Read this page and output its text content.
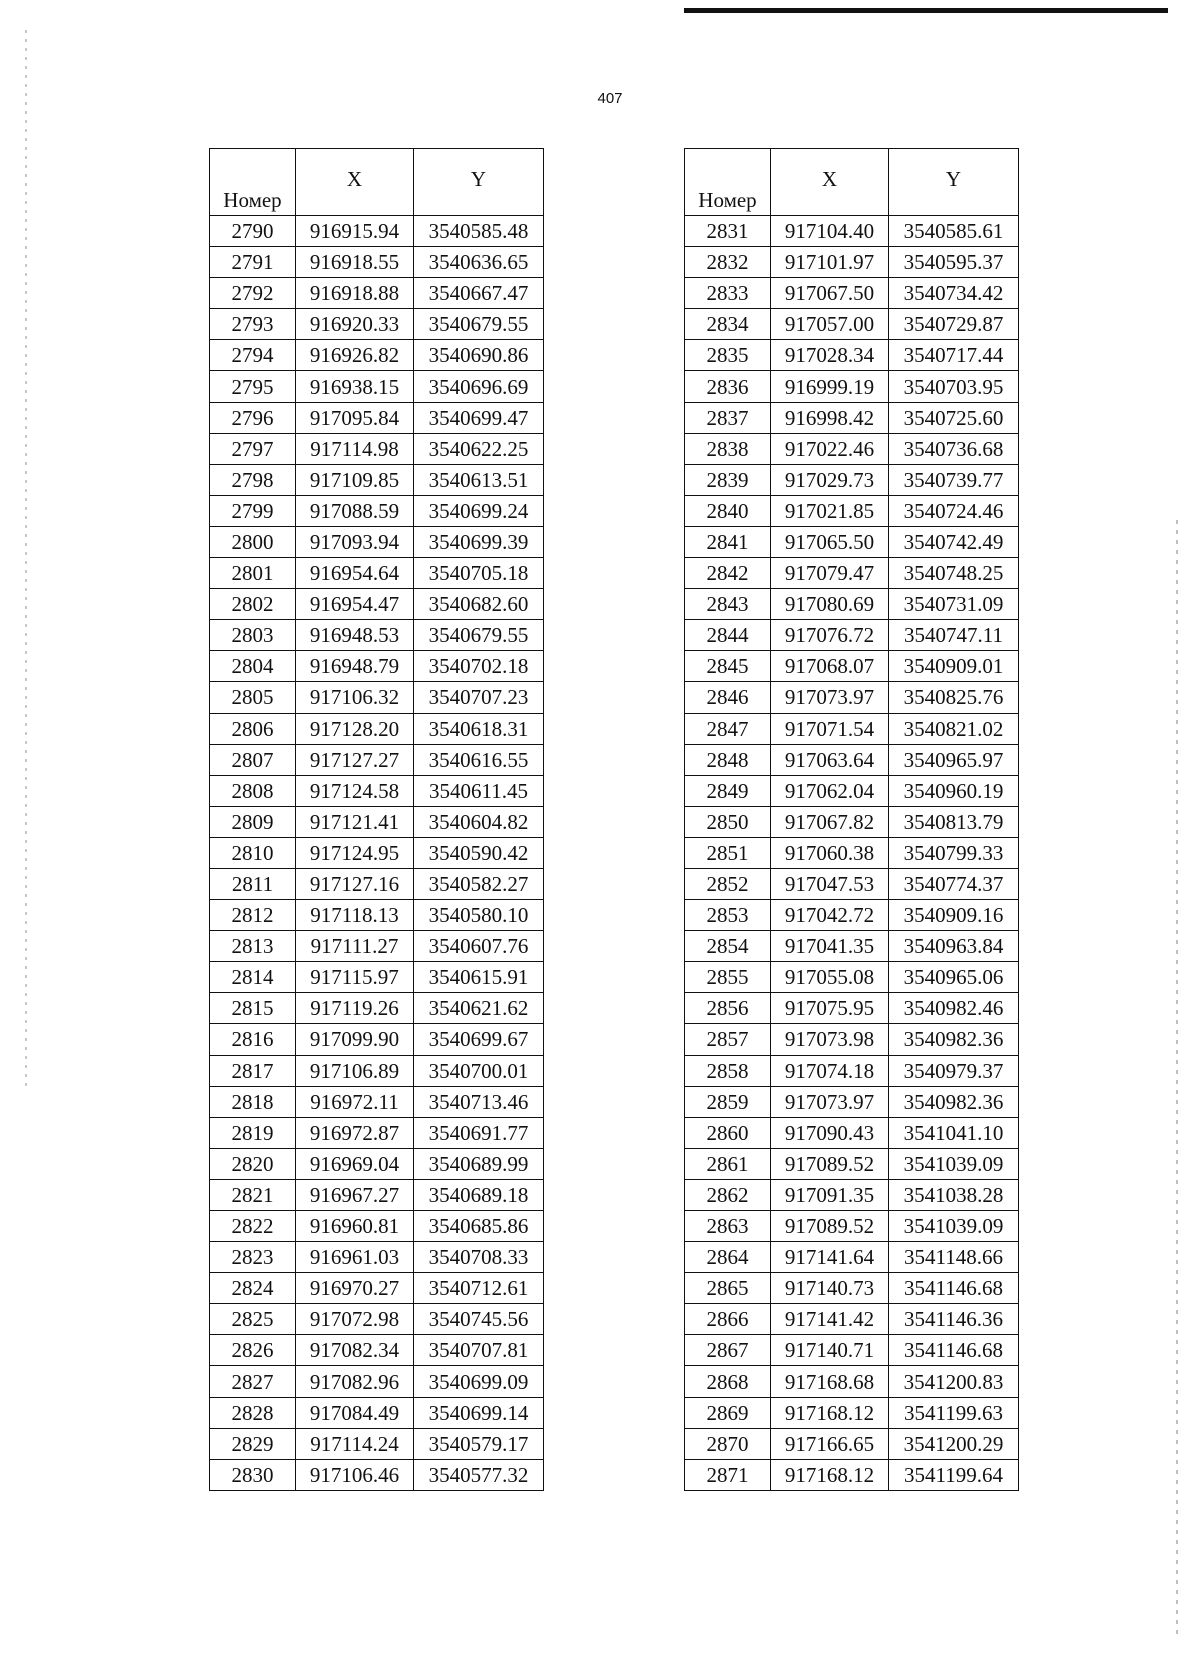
407
Номер	X	Y
2790	916915.94	3540585.48
2791	916918.55	3540636.65
2792	916918.88	3540667.47
2793	916920.33	3540679.55
2794	916926.82	3540690.86
2795	916938.15	3540696.69
2796	917095.84	3540699.47
2797	917114.98	3540622.25
2798	917109.85	3540613.51
2799	917088.59	3540699.24
2800	917093.94	3540699.39
2801	916954.64	3540705.18
2802	916954.47	3540682.60
2803	916948.53	3540679.55
2804	916948.79	3540702.18
2805	917106.32	3540707.23
2806	917128.20	3540618.31
2807	917127.27	3540616.55
2808	917124.58	3540611.45
2809	917121.41	3540604.82
2810	917124.95	3540590.42
2811	917127.16	3540582.27
2812	917118.13	3540580.10
2813	917111.27	3540607.76
2814	917115.97	3540615.91
2815	917119.26	3540621.62
2816	917099.90	3540699.67
2817	917106.89	3540700.01
2818	916972.11	3540713.46
2819	916972.87	3540691.77
2820	916969.04	3540689.99
2821	916967.27	3540689.18
2822	916960.81	3540685.86
2823	916961.03	3540708.33
2824	916970.27	3540712.61
2825	917072.98	3540745.56
2826	917082.34	3540707.81
2827	917082.96	3540699.09
2828	917084.49	3540699.14
2829	917114.24	3540579.17
2830	917106.46	3540577.32
Номер	X	Y
2831	917104.40	3540585.61
2832	917101.97	3540595.37
2833	917067.50	3540734.42
2834	917057.00	3540729.87
2835	917028.34	3540717.44
2836	916999.19	3540703.95
2837	916998.42	3540725.60
2838	917022.46	3540736.68
2839	917029.73	3540739.77
2840	917021.85	3540724.46
2841	917065.50	3540742.49
2842	917079.47	3540748.25
2843	917080.69	3540731.09
2844	917076.72	3540747.11
2845	917068.07	3540909.01
2846	917073.97	3540825.76
2847	917071.54	3540821.02
2848	917063.64	3540965.97
2849	917062.04	3540960.19
2850	917067.82	3540813.79
2851	917060.38	3540799.33
2852	917047.53	3540774.37
2853	917042.72	3540909.16
2854	917041.35	3540963.84
2855	917055.08	3540965.06
2856	917075.95	3540982.46
2857	917073.98	3540982.36
2858	917074.18	3540979.37
2859	917073.97	3540982.36
2860	917090.43	3541041.10
2861	917089.52	3541039.09
2862	917091.35	3541038.28
2863	917089.52	3541039.09
2864	917141.64	3541148.66
2865	917140.73	3541146.68
2866	917141.42	3541146.36
2867	917140.71	3541146.68
2868	917168.68	3541200.83
2869	917168.12	3541199.63
2870	917166.65	3541200.29
2871	917168.12	3541199.64
